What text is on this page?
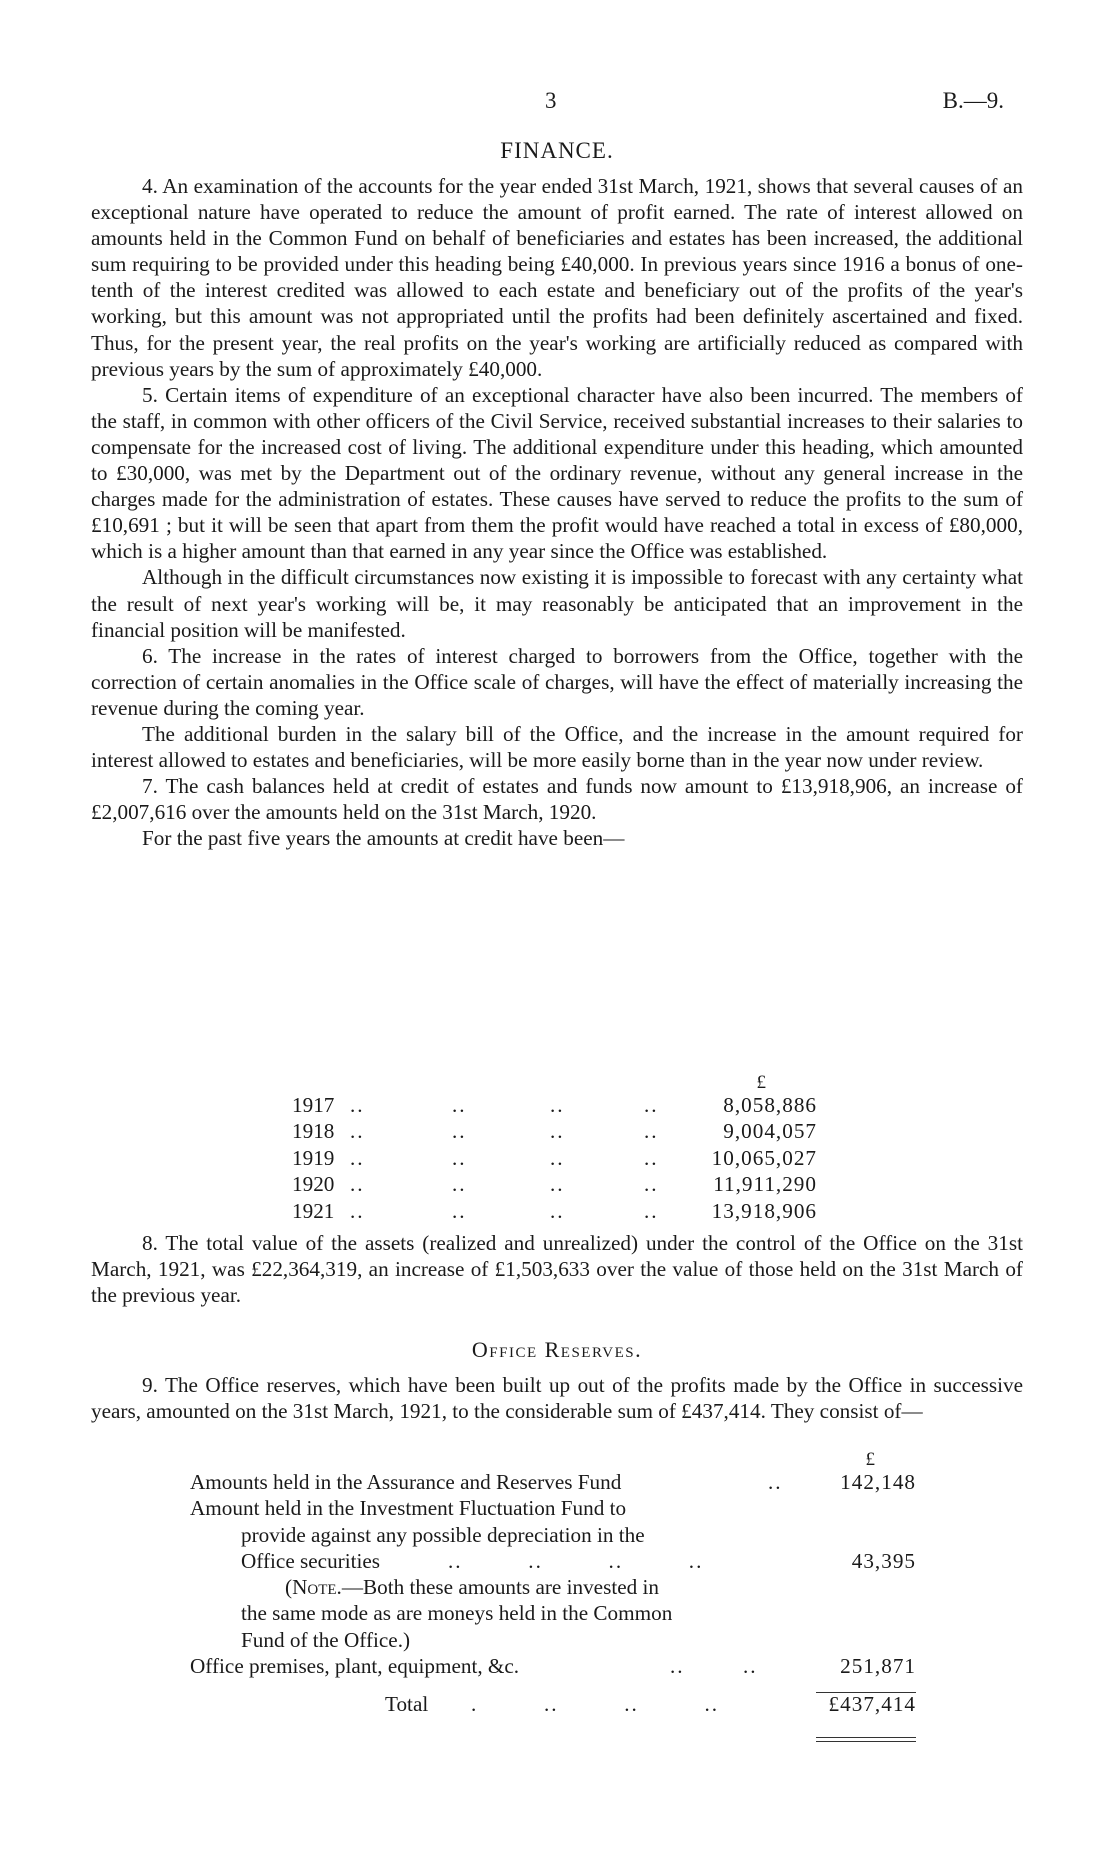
3	B.—9.
FINANCE.

4. An examination of the accounts for the year ended 31st March, 1921, shows that several causes of an exceptional nature have operated to reduce the amount of profit earned. The rate of interest allowed on amounts held in the Common Fund on behalf of beneficiaries and estates has been increased, the additional sum requiring to be provided under this heading being £40,000. In previous years since 1916 a bonus of one-tenth of the interest credited was allowed to each estate and beneficiary out of the profits of the year's working, but this amount was not appropriated until the profits had been definitely ascertained and fixed. Thus, for the present year, the real profits on the year's working are artificially reduced as compared with previous years by the sum of approximately £40,000.

5. Certain items of expenditure of an exceptional character have also been incurred. The members of the staff, in common with other officers of the Civil Service, received substantial increases to their salaries to compensate for the increased cost of living. The additional expenditure under this heading, which amounted to £30,000, was met by the Department out of the ordinary revenue, without any general increase in the charges made for the administration of estates. These causes have served to reduce the profits to the sum of £10,691 ; but it will be seen that apart from them the profit would have reached a total in excess of £80,000, which is a higher amount than that earned in any year since the Office was established.

Although in the difficult circumstances now existing it is impossible to forecast with any certainty what the result of next year's working will be, it may reasonably be anticipated that an improvement in the financial position will be manifested.

6. The increase in the rates of interest charged to borrowers from the Office, together with the correction of certain anomalies in the Office scale of charges, will have the effect of materially increasing the revenue during the coming year.

The additional burden in the salary bill of the Office, and the increase in the amount required for interest allowed to estates and beneficiaries, will be more easily borne than in the year now under review.

7. The cash balances held at credit of estates and funds now amount to £13,918,906, an increase of £2,007,616 over the amounts held on the 31st March, 1920.

For the past five years the amounts at credit have been—

£
1917 ..	..	..	..	8,058,886
1918 ..	..	..	..	9,004,057
1919 ..	..	..	..	10,065,027
1920 ..	..	..	..	11,911,290
1921 ..	..	..	..	13,918,906

8. The total value of the assets (realized and unrealized) under the control of the Office on the 31st March, 1921, was £22,364,319, an increase of £1,503,633 over the value of those held on the 31st March of the previous year.

Office Reserves.

9. The Office reserves, which have been built up out of the profits made by the Office in successive years, amounted on the 31st March, 1921, to the considerable sum of £437,414. They consist of—

£
Amounts held in the Assurance and Reserves Fund	..	142,148
Amount held in the Investment Fluctuation Fund to
provide against any possible depreciation in the
Office securities	..         ..         ..         ..	43,395
(Note.—Both these amounts are invested in
the same mode as are moneys held in the Common
Fund of the Office.)
Office premises, plant, equipment, &c.	..        ..	251,871
Total .         ..         ..         ..	£437,414
